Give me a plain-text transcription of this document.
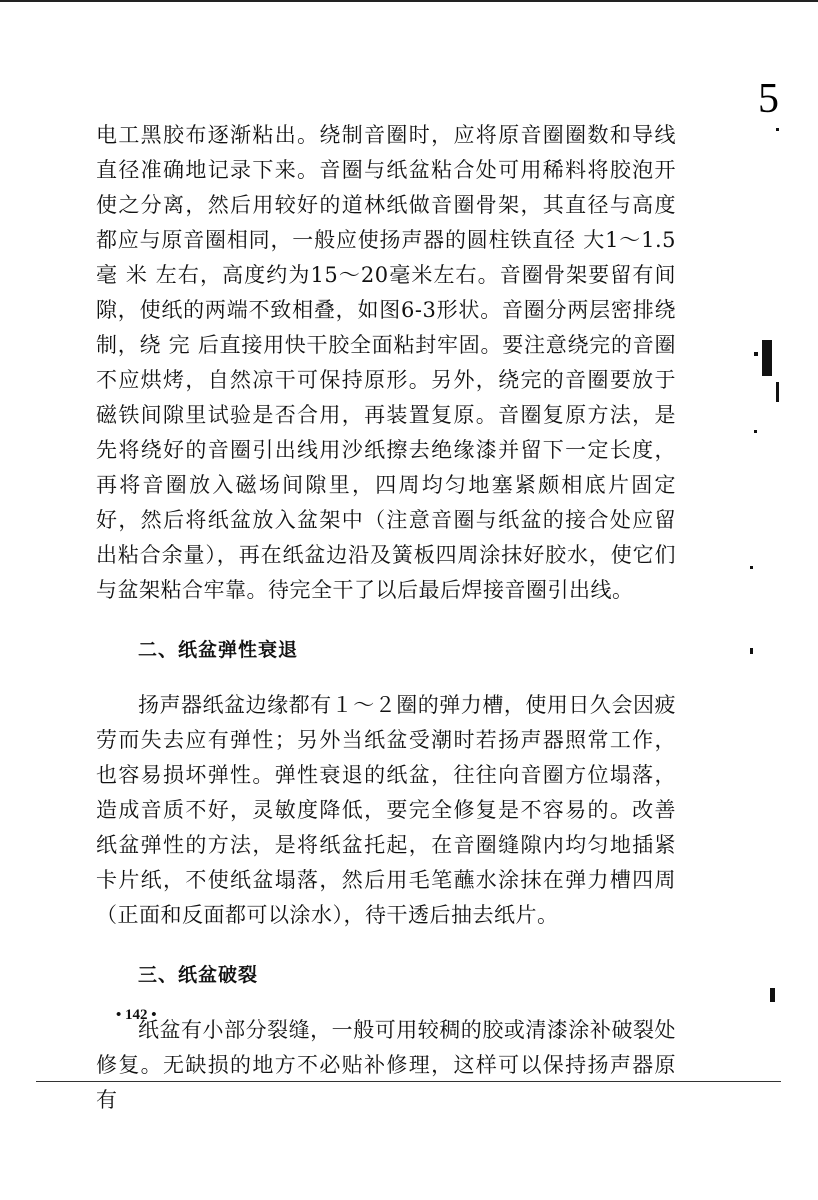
5

电工黑胶布逐渐粘出。绕制音圈时，应将原音圈圈数和导线直径准确地记录下来。音圈与纸盆粘合处可用稀料将胶泡开使之分离，然后用较好的道林纸做音圈骨架，其直径与高度都应与原音圈相同，一般应使扬声器的圆柱铁直径 大1～1.5毫 米 左右，高度约为15～20毫米左右。音圈骨架要留有间隙，使纸的两端不致相叠，如图6-3形状。音圈分两层密排绕制，绕 完 后直接用快干胶全面粘封牢固。要注意绕完的音圈不应烘烤，自然凉干可保持原形。另外，绕完的音圈要放于磁铁间隙里试验是否合用，再装置复原。音圈复原方法，是先将绕好的音圈引出线用沙纸擦去绝缘漆并留下一定长度，再将音圈放入磁场间隙里，四周均匀地塞紧颇相底片固定好，然后将纸盆放入盆架中（注意音圈与纸盆的接合处应留出粘合余量），再在纸盆边沿及簧板四周涂抹好胶水，使它们与盆架粘合牢靠。待完全干了以后最后焊接音圈引出线。

二、纸盆弹性衰退

扬声器纸盆边缘都有１～２圈的弹力槽，使用日久会因疲劳而失去应有弹性；另外当纸盆受潮时若扬声器照常工作，也容易损坏弹性。弹性衰退的纸盆，往往向音圈方位塌落，造成音质不好，灵敏度降低，要完全修复是不容易的。改善纸盆弹性的方法，是将纸盆托起，在音圈缝隙内均匀地插紧卡片纸，不使纸盆塌落，然后用毛笔蘸水涂抹在弹力槽四周（正面和反面都可以涂水），待干透后抽去纸片。

三、纸盆破裂

纸盆有小部分裂缝，一般可用较稠的胶或清漆涂补破裂处修复。无缺损的地方不必贴补修理，这样可以保持扬声器原有

• 142 •
